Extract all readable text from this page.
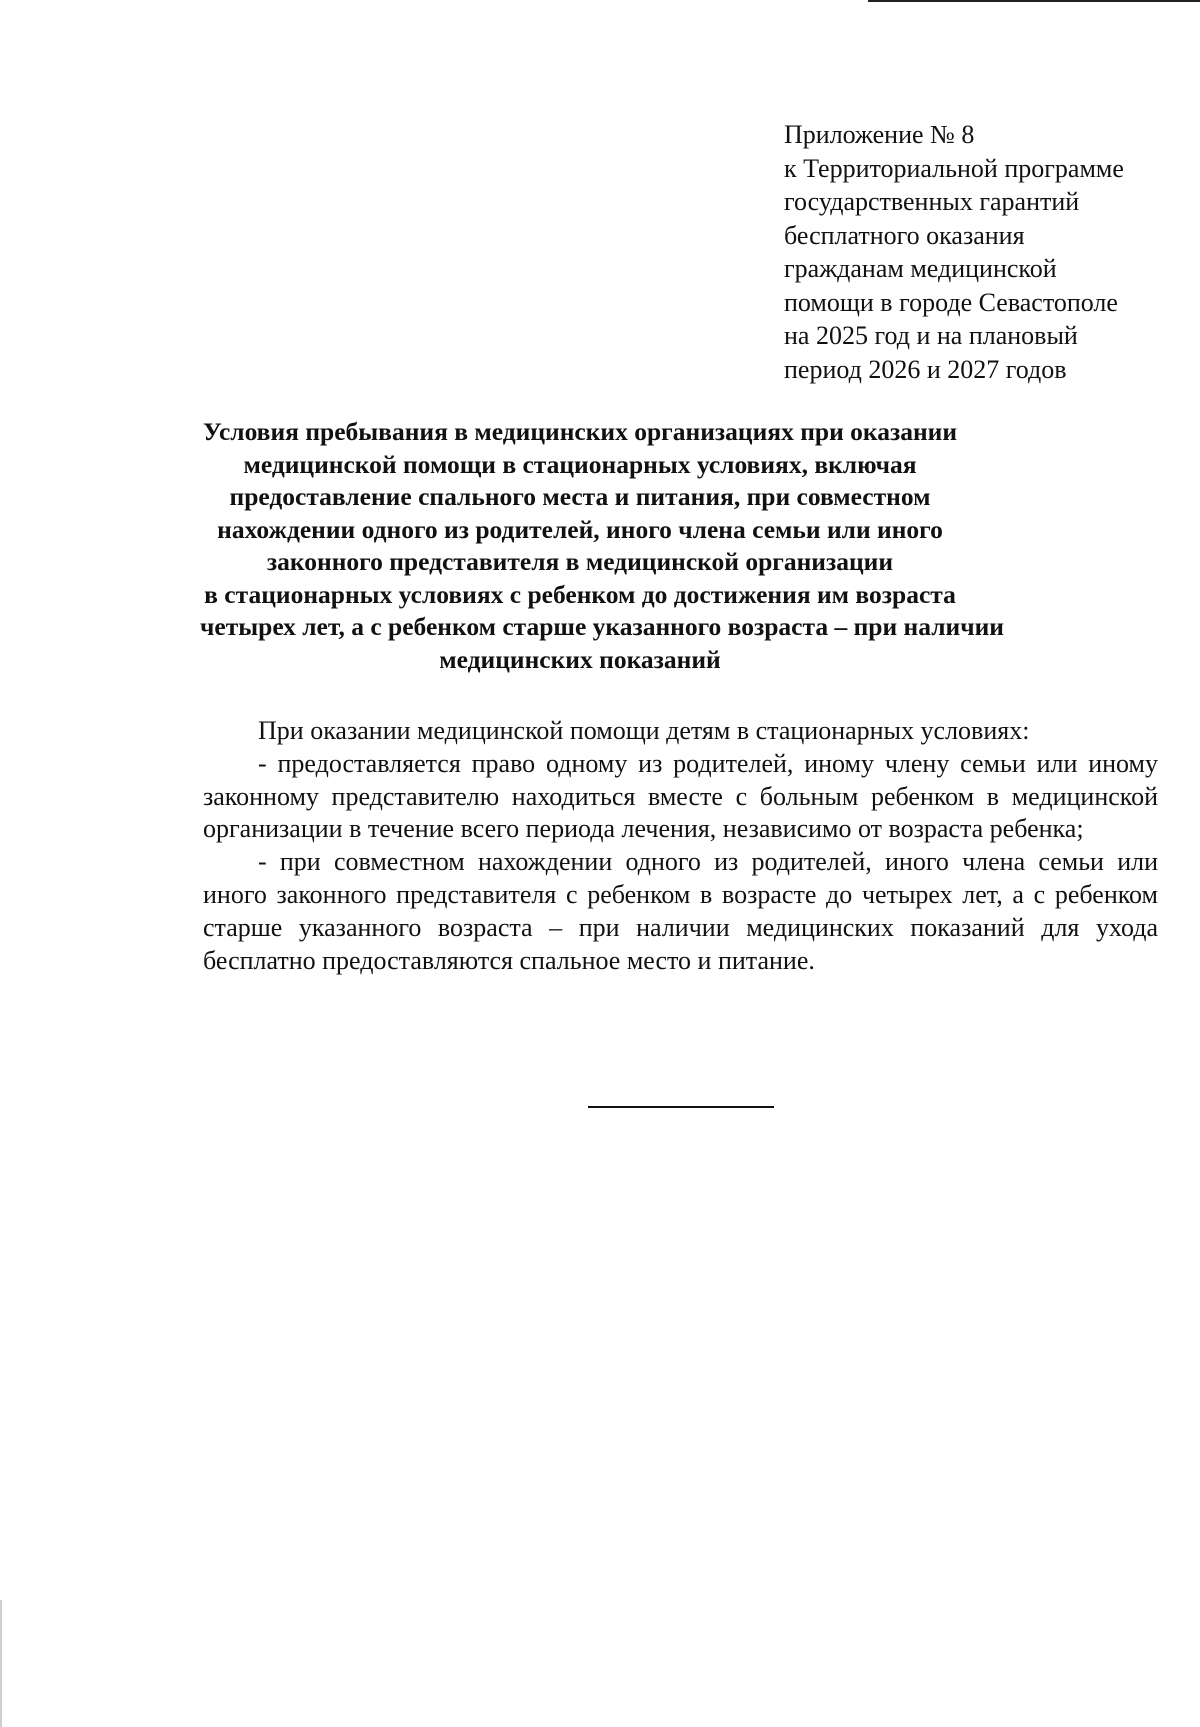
Приложение № 8
к Территориальной программе
государственных гарантий
бесплатного оказания
гражданам медицинской
помощи в городе Севастополе
на 2025 год и на плановый
период 2026 и 2027 годов
Условия пребывания в медицинских организациях при оказании
медицинской помощи в стационарных условиях, включая
предоставление спального места и питания, при совместном
нахождении одного из родителей, иного члена семьи или иного
законного представителя в медицинской организации
в стационарных условиях с ребенком до достижения им возраста
четырех лет, а с ребенком старше указанного возраста – при наличии
медицинских показаний

При оказании медицинской помощи детям в стационарных условиях:

- предоставляется право одному из родителей, иному члену семьи или иному законному представителю находиться вместе с больным ребенком в медицинской организации в течение всего периода лечения, независимо от возраста ребенка;

- при совместном нахождении одного из родителей, иного члена семьи или иного законного представителя с ребенком в возрасте до четырех лет, а с ребенком старше указанного возраста – при наличии медицинских показаний для ухода бесплатно предоставляются спальное место и питание.
